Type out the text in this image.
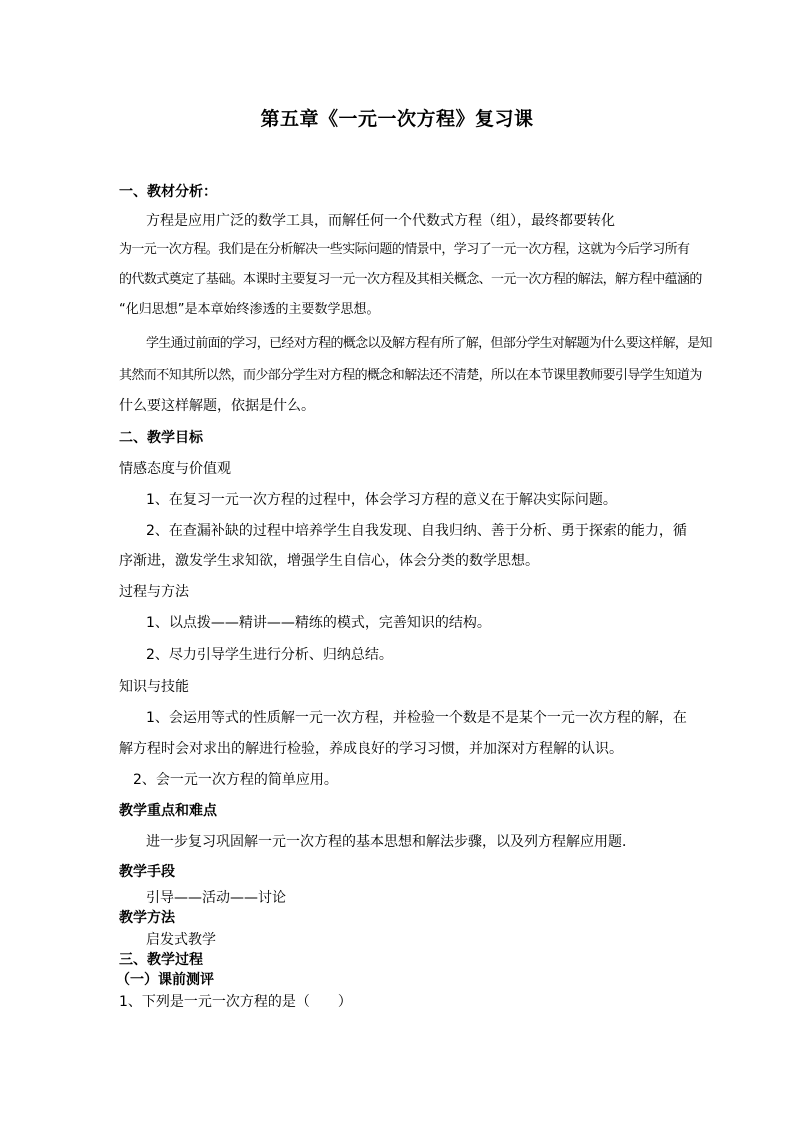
第五章《一元一次方程》复习课
一、教材分析：
方程是应用广泛的数学工具，而解任何一个代数式方程（组），最终都要转化
为一元一次方程。我们是在分析解决一些实际问题的情景中，学习了一元一次方程，这就为今后学习所有
的代数式奠定了基础。本课时主要复习一元一次方程及其相关概念、一元一次方程的解法，解方程中蕴涵的
“化归思想”是本章始终渗透的主要数学思想。
学生通过前面的学习，已经对方程的概念以及解方程有所了解，但部分学生对解题为什么要这样解，是知
其然而不知其所以然，而少部分学生对方程的概念和解法还不清楚，所以在本节课里教师要引导学生知道为
什么要这样解题，依据是什么。
二、教学目标
情感态度与价值观
1、在复习一元一次方程的过程中，体会学习方程的意义在于解决实际问题。
2、在查漏补缺的过程中培养学生自我发现、自我归纳、善于分析、勇于探索的能力，循
序渐进，激发学生求知欲，增强学生自信心，体会分类的数学思想。
过程与方法
1、以点拨——精讲——精练的模式，完善知识的结构。
2、尽力引导学生进行分析、归纳总结。
知识与技能
1、会运用等式的性质解一元一次方程，并检验一个数是不是某个一元一次方程的解，在
解方程时会对求出的解进行检验，养成良好的学习习惯，并加深对方程解的认识。
2、会一元一次方程的简单应用。
教学重点和难点
进一步复习巩固解一元一次方程的基本思想和解法步骤，以及列方程解应用题．
教学手段
引导——活动——讨论
教学方法
启发式教学
三、教学过程
（一）课前测评
1、下列是一元一次方程的是（　　）
